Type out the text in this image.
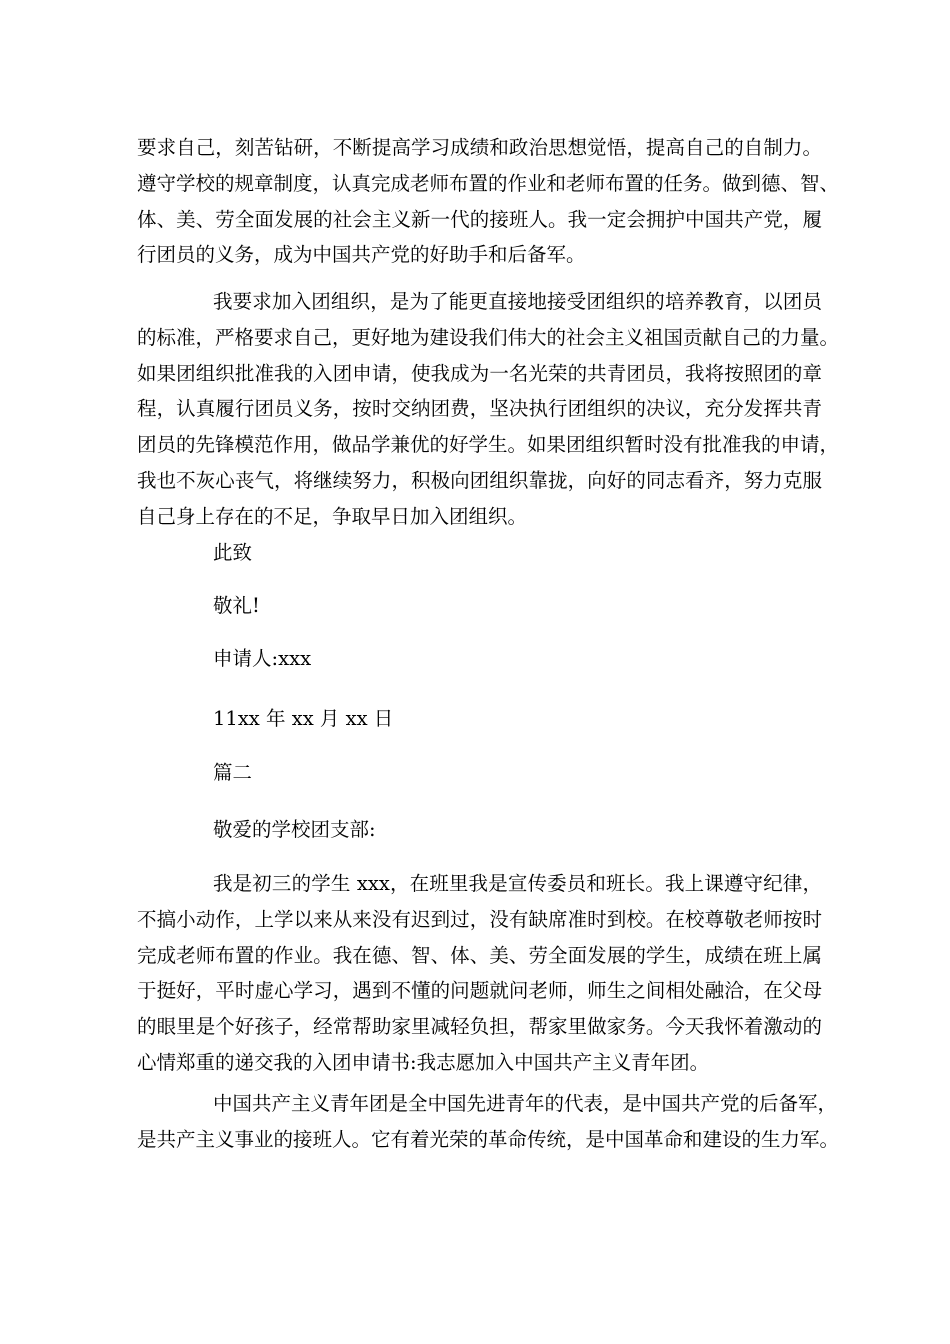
要求自己，刻苦钻研，不断提高学习成绩和政治思想觉悟，提高自己的自制力。
遵守学校的规章制度，认真完成老师布置的作业和老师布置的任务。做到德、智、
体、美、劳全面发展的社会主义新一代的接班人。我一定会拥护中国共产党，履
行团员的义务，成为中国共产党的好助手和后备军。
我要求加入团组织，是为了能更直接地接受团组织的培养教育，以团员
的标准，严格要求自己，更好地为建设我们伟大的社会主义祖国贡献自己的力量。
如果团组织批准我的入团申请，使我成为一名光荣的共青团员，我将按照团的章
程，认真履行团员义务，按时交纳团费，坚决执行团组织的决议，充分发挥共青
团员的先锋模范作用，做品学兼优的好学生。如果团组织暂时没有批准我的申请，
我也不灰心丧气，将继续努力，积极向团组织靠拢，向好的同志看齐，努力克服
自己身上存在的不足，争取早日加入团组织。
此致
敬礼!
申请人:xxx
11xx 年 xx 月 xx 日
篇二
敬爱的学校团支部:
我是初三的学生 xxx，在班里我是宣传委员和班长。我上课遵守纪律，
不搞小动作，上学以来从来没有迟到过，没有缺席准时到校。在校尊敬老师按时
完成老师布置的作业。我在德、智、体、美、劳全面发展的学生，成绩在班上属
于挺好，平时虚心学习，遇到不懂的问题就问老师，师生之间相处融洽，在父母
的眼里是个好孩子，经常帮助家里减轻负担，帮家里做家务。今天我怀着激动的
心情郑重的递交我的入团申请书:我志愿加入中国共产主义青年团。
中国共产主义青年团是全中国先进青年的代表，是中国共产党的后备军，
是共产主义事业的接班人。它有着光荣的革命传统，是中国革命和建设的生力军。
